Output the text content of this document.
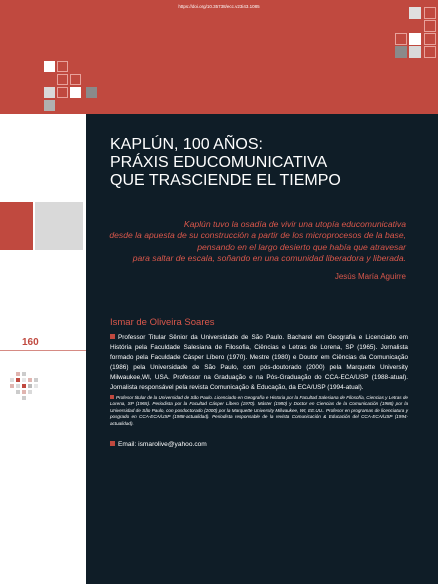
https://doi.org/10.35738/ecc.v23i43.1085
KAPLÚN, 100 AÑOS:
PRÁXIS EDUCOMUNICATIVA
QUE TRASCIENDE EL TIEMPO
Kaplún tuvo la osadía de vivir una utopía educomunicativa
desde la apuesta de su construcción a partir de los microprocesos de la base,
pensando en el largo desierto que había que atravesar
para saltar de escala, soñando en una comunidad liberadora y liberada.
Jesús María Aguirre
Ismar de Oliveira Soares
Professor Titular Sênior da Universidade de São Paulo. Bacharel em Geografia e Licenciado em História pela Faculdade Salesiana de Filosofia, Ciências e Letras de Lorena, SP (1965). Jornalista formado pela Faculdade Cásper Líbero (1970). Mestre (1980) e Doutor em Ciências da Comunicação (1986) pela Universidade de São Paulo, com pós-doutorado (2000) pela Marquette University Milwaukee,WI, USA. Professor na Graduação e na Pós-Graduação do CCA-ECA/USP (1988-atual). Jornalista responsável pela revista Comunicação & Educação, da ECA/USP (1994-atual).
Profesor titular de la Universidad de São Paulo. Licenciado en Geografía e Historia por la Facultad Salesiana de Filosofía, Ciencias y Letras de Lorena, SP (1965). Periodista por la Facultad Cásper Líbero (1970). Máster (1980) y Doctor en Ciencias de la Comunicación (1986) por la Universidad de São Paulo, con posdoctorado (2000) por la Marquette University Milwaukee, WI, EE.UU.. Profesor en programas de licenciatura y posgrado en CCA-ECA/USP (1988-actualidad). Periodista responsable de la revista Comunicación & Educación del CCA-ECA/USP (1994-actualidad).
Email: ismarolive@yahoo.com
160
